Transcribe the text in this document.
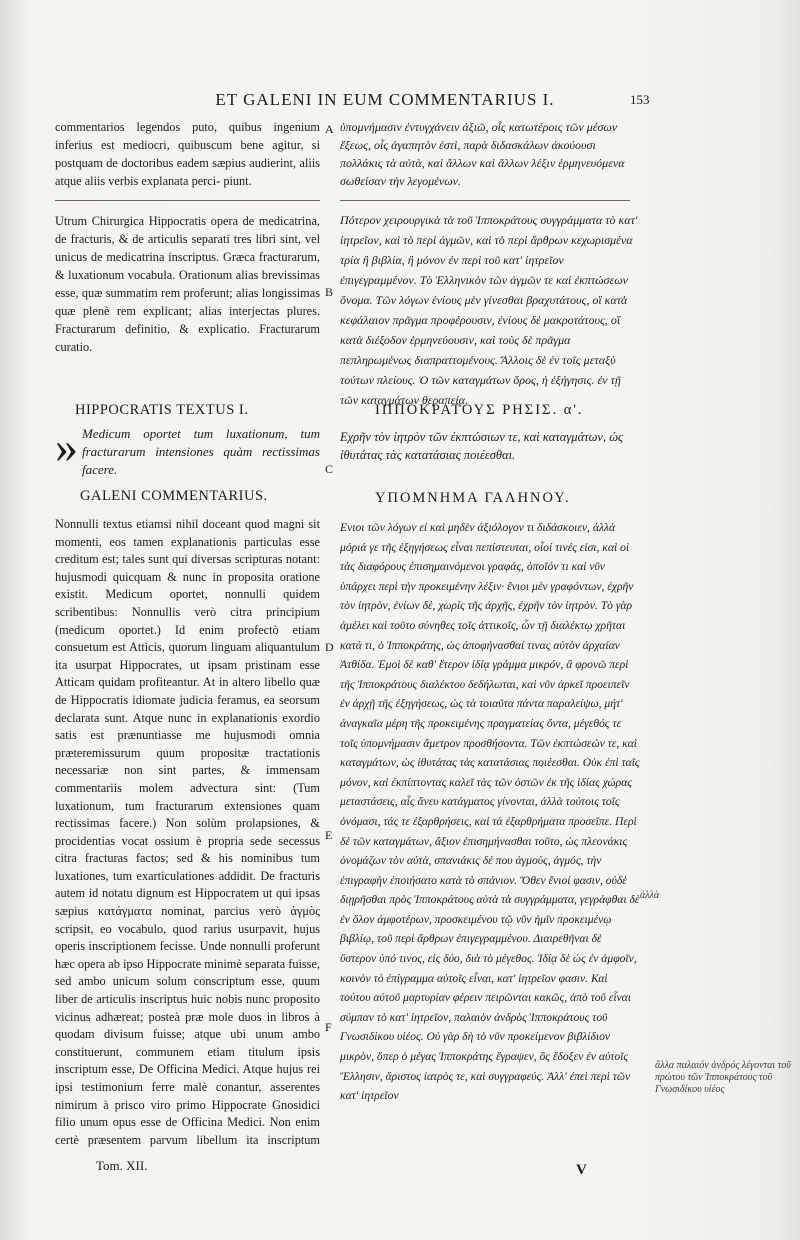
ET GALENI IN EUM COMMENTARIUS I.	153
commentarios legendos puto, quibus ingenium inferius est mediocri, quibuscum bene agitur, si postquam de doctoribus eadem sæpius audierint, aliis atque aliis verbis explanata perci- piunt.
ὑπομνήμασιν ἐντυγχάνειν ἀξιῶ, οἷς κατωτέροις τῶν μέσων ἕξεως, οἷς ἀγαπητὸν ἐστὶ, παρὰ διδασκάλων ἀκούουσι πολλάκις τὰ αὐτὰ, καὶ ἄλλων καὶ ἄλλων λέξιν ἑρμηνευόμενα σωθείσαν τὴν λεγομένων.
A
Utrum Chirurgica Hippocratis opera de medicatrina, de fracturis, & de articulis separati tres libri sint, vel unicus de medicatrina inscriptus. Græca fracturarum, & luxationum vocabula. Orationum alias brevissimas esse, quæ summatim rem proferunt; alias longissimas quæ plenè rem explicant; alias interjectas plures. Fracturarum definitio, & explicatio. Fracturarum curatio.
Πότερον χειρουργικὰ τὰ τοῦ Ἱπποκράτους συγγράμματα τὸ κατ' ἰητρεῖον, καὶ τὸ περὶ ἀγμῶν, καὶ τὸ περὶ ἄρθρων κεχωρισμένα τρία ἢ βιβλία, ἢ μόνον ἐν περὶ τοῦ κατ' ἰητρεῖον ἐπιγεγραμμένον. Τὸ Ἑλληνικὸν τῶν ἀγμῶν τε καὶ ἐκπτώσεων ὄνομα. Τῶν λόγων ἐνίους μὲν γίνεσθαι βραχυτάτους, οἳ κατὰ κεφάλαιον πρᾶγμα προφέρουσιν, ἐνίους δὲ μακροτάτους, οἳ κατὰ διέξοδον ἑρμηνεύουσιν, καὶ τοὺς δὲ πρᾶγμα πεπληρωμένως διαπραττομένους. Ἄλλοις δὲ ἐν τοῖς μεταξὺ τούτων πλείους. Ὁ τῶν καταγμάτων ὅρος, ἡ ἐξήγησις. ἐν τῇ τῶν καταγμάτων θεραπείᾳ.
B
HIPPOCRATIS TEXTUS I.	ΙΠΠΟΚΡΑΤΟΥΣ ΡΗΣΙΣ. α'.
» Medicum oportet tum luxationum, tum fracturarum intensiones quàm rectissimas facere.
Εχρῆν τὸν ἰητρὸν τῶν ἐκπτώσιων τε, καὶ καταγμάτων, ὡς ἰθυτάτας τὰς κατατάσιας ποιέεσθαι.
C
GALENI COMMENTARIUS.	ΥΠΟΜΝΗΜΑ ΓΑΛΗΝΟΥ.
Nonnulli textus etiamsi nihil doceant quod magni sit momenti, eos tamen explanationis particulas esse creditum est; tales sunt qui diversas scripturas notant: hujusmodi quicquam & nunc in proposita oratione existit. Medicum oportet, nonnulli quidem scribentibus: Nonnullis verò citra principium (medicum oportet.) Id enim profectò etiam consuetum est Atticis, quorum linguam aliquantulum ita usurpat Hippocrates, ut ipsam pristinam esse Atticam quidam profiteantur. At in altero libello quæ de Hippocratis idiomate judicia feramus, ea seorsum declarata sunt. Atque nunc in explanationis exordio satis est prænuntiasse me hujusmodi omnia præteremissurum quum propositæ tractationis necessariæ non sint partes, & immensam commentariis molem advectura sint: (Tum luxationum, tum fracturarum extensiones quam rectissimas facere.) Non solùm prolapsiones, & procidentias vocat ossium è propria sede secessus citra fracturas factos; sed & his nominibus tum luxationes, tum exarticulationes addidit. De fracturis autem id notatu dignum est Hippocratem ut qui ipsas sæpius κατάγματα nominat, parcius verò ἀγμὸς scripsit, eo vocabulo, quod rarius usurpavit, hujus operis inscriptionem fecisse. Unde nonnulli proferunt hæc opera ab ipso Hippocrate minimè separata fuisse, sed ambo unicum solum conscriptum esse, quum liber de articulis inscriptus huic nobis nunc proposito vicinus adhæreat; posteà præ mole duos in libros à quodam divisum fuisse; atque ubi unum ambo constituerunt, communem etiam titulum ipsis inscriptum esse, De Officina Medici. Atque hujus rei ipsi testimonium ferre malè conantur, asserentes nimirum à prisco viro primo Hippocrate Gnosidici filio unum opus esse de Officina Medici. Non enim certè præsentem parvum libellum ita inscriptum
Ενιοι τῶν λόγων εἰ καὶ μηδὲν ἀξιόλογον τι διδάσκοιεν, ἀλλὰ μόριά γε τῆς ἐξηγήσεως εἶναι πεπίστευται, οἷοί τινές εἰσι, καὶ οἱ τὰς διαφόρους ἐπισημαινόμενοι γραφάς, ὁποῖόν τι καὶ νῦν ὑπάρχει περὶ τὴν προκειμένην λέξιν· ἔνιοι μὲν γραφόντων, ἐχρῆν τὸν ἰητρὸν, ἐνίων δὲ, χωρὶς τῆς ἀρχῆς, ἐχρῆν τὸν ἰητρὸν. Τὸ γὰρ ἀμέλει καὶ τοῦτο σύνηθες τοῖς ἀττικοῖς, ὧν τῇ διαλέκτῳ χρῆται κατά τι, ὁ Ἱπποκράτης, ὡς ἀποφήνασθαί τινας αὐτὸν ἀρχαίαν Ἀτθίδα. Ἐμοὶ δὲ καθ' ἕτερον ἰδίᾳ γράμμα μικρόν, ἃ φρονῶ περὶ τῆς Ἱπποκράτους διαλέκτου δεδήλωται, καὶ νῦν ἀρκεῖ προειπεῖν ἐν ἀρχῇ τῆς ἐξηγήσεως, ὡς τὰ τοιαῦτα πάντα παραλείψω, μήτ' ἀναγκαῖα μέρη τῆς προκειμένης πραγματείας ὄντα, μέγεθός τε τοῖς ὑπομνήμασιν ἄμετρον προσθήσοντα. Τῶν ἐκπτώσεών τε, καὶ καταγμάτων, ὡς ἰθυτάτας τὰς κατατάσιας ποιέεσθαι. Οὐκ ἐπὶ ταῖς μόνον, καὶ ἐκπίπτοντας καλεῖ τὰς τῶν ὀστῶν ἐκ τῆς ἰδίας χώρας μεταστάσεις, αἷς ἄνευ κατάγματος γίνονται, ἀλλὰ τούτοις τοῖς ὀνόμασι, τάς τε ἐξαρθρήσεις, καὶ τὰ ἐξαρθρήματα προσεῖπε. Περὶ δὲ τῶν καταγμάτων, ἄξιον ἐπισημήνασθαι τοῦτο, ὡς πλεονάκις ὀνομάζων τὸν αὐτὰ, σπανιάκις δέ που ἀγμοὺς, ἀγμός, τὴν ἐπιγραφὴν ἐποιήσατο κατὰ τὸ σπάνιον. Ὅθεν ἔνιοί φασιν, οὐδὲ διῃρῆσθαι πρὸς Ἱπποκράτους αὐτὰ τὰ συγγράμματα, γεγράφθαι δὲ ἐν ὅλον ἀμφοτέρων, προσκειμένου τῷ νῦν ἡμῖν προκειμένῳ βιβλίῳ, τοῦ περὶ ἄρθρων ἐπιγεγραμμένου. Διαιρεθῆναι δὲ ὕστερον ὑπό τινος, εἰς δύο, διὰ τὸ μέγεθος. Ἰδίᾳ δὲ ὡς ἐν ἀμφοῖν, κοινὸν τὸ ἐπίγραμμα αὐτοῖς εἶναι, κατ' ἰητρεῖον φασιν. Καὶ τούτου αὐτοῦ μαρτυρίαν φέρειν πειρῶνται κακῶς, ἀπὸ τοῦ εἶναι σύμπαν τὸ κατ' ἰητρεῖον, παλαιὸν ἀνδρὸς Ἱπποκράτους τοῦ Γνωσιδίκου υἱέος. Οὐ γὰρ δὴ τὸ νῦν προκείμενον βιβλίδιον μικρὸν, ὅπερ ὁ μέγας Ἱπποκράτης ἔγραψεν, ὃς ἔδοξεν ἐν αὐτοῖς Ἕλλησιν, ἄριστος ἰατρὸς τε, καὶ συγγραφεύς. Ἀλλ' ἐπεὶ περὶ τῶν κατ' ἰητρεῖον
D
E
F
ἀλλὰ
ἄλλα παλαιόν ἀνδρός λέγονται τοῦ πρώτου τῶν Ἱπποκράτους τοῦ Γνωσιδίκου υἱέος
Tom. XII.	V
